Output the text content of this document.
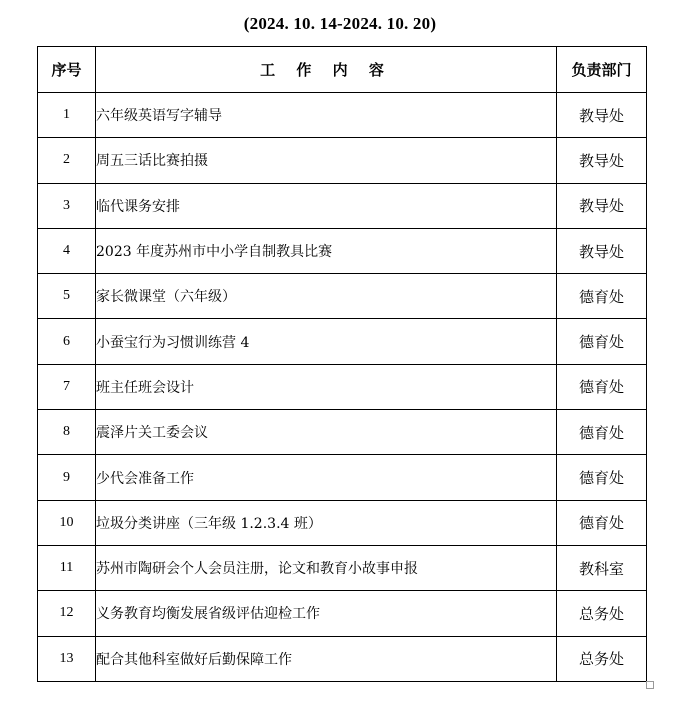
(2024. 10. 14-2024. 10. 20)
序号	工 作 内 容	负责部门
1	六年级英语写字辅导	教导处
2	周五三话比赛拍摄	教导处
3	临代课务安排	教导处
4	2023 年度苏州市中小学自制教具比赛	教导处
5	家长微课堂（六年级）	德育处
6	小蚕宝行为习惯训练营 4	德育处
7	班主任班会设计	德育处
8	震泽片关工委会议	德育处
9	少代会准备工作	德育处
10	垃圾分类讲座（三年级 1.2.3.4 班）	德育处
11	苏州市陶研会个人会员注册，论文和教育小故事申报	教科室
12	义务教育均衡发展省级评估迎检工作	总务处
13	配合其他科室做好后勤保障工作	总务处
